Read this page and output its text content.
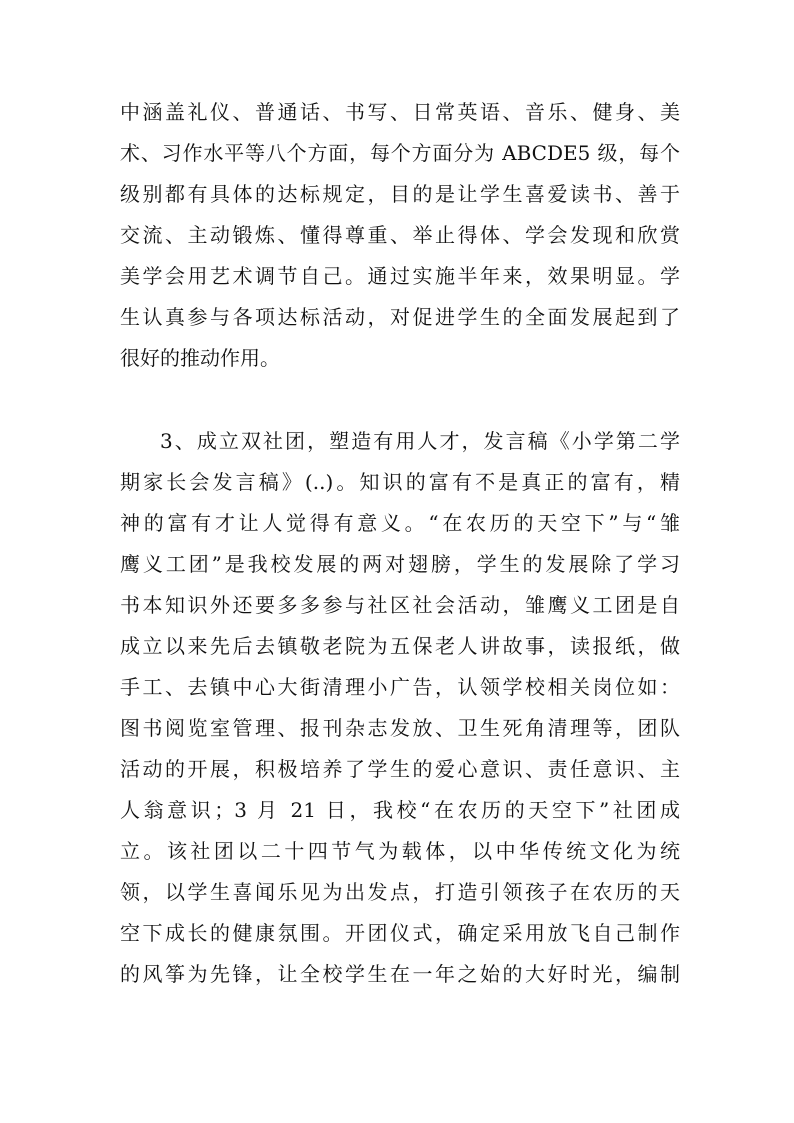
中涵盖礼仪、普通话、书写、日常英语、音乐、健身、美
术、习作水平等八个方面，每个方面分为 ABCDE5 级，每个
级别都有具体的达标规定，目的是让学生喜爱读书、善于
交流、主动锻炼、懂得尊重、举止得体、学会发现和欣赏
美学会用艺术调节自己。通过实施半年来，效果明显。学
生认真参与各项达标活动，对促进学生的全面发展起到了
很好的推动作用。
3、成立双社团，塑造有用人才，发言稿《小学第二学
期家长会发言稿》(..)。知识的富有不是真正的富有，精
神的富有才让人觉得有意义。“在农历的天空下”与“雏
鹰义工团”是我校发展的两对翅膀，学生的发展除了学习
书本知识外还要多多参与社区社会活动，雏鹰义工团是自
成立以来先后去镇敬老院为五保老人讲故事，读报纸，做
手工、去镇中心大街清理小广告，认领学校相关岗位如：
图书阅览室管理、报刊杂志发放、卫生死角清理等，团队
活动的开展，积极培养了学生的爱心意识、责任意识、主
人翁意识；3 月 21 日，我校“在农历的天空下”社团成
立。该社团以二十四节气为载体，以中华传统文化为统
领，以学生喜闻乐见为出发点，打造引领孩子在农历的天
空下成长的健康氛围。开团仪式，确定采用放飞自己制作
的风筝为先锋，让全校学生在一年之始的大好时光，编制
